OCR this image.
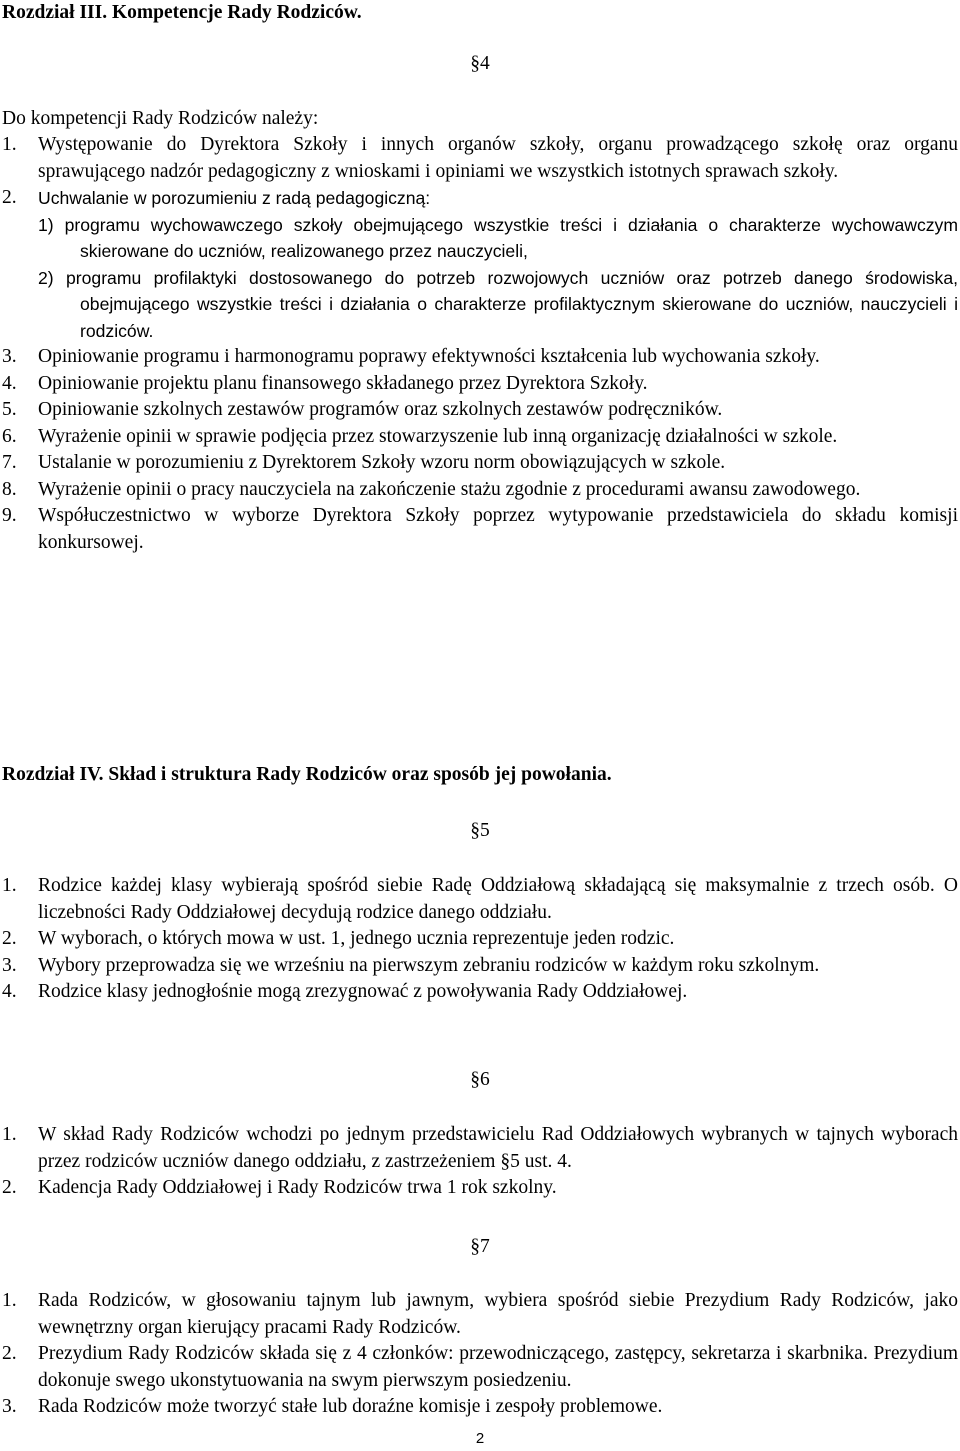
Rozdział III. Kompetencje Rady Rodziców.
§4
Do kompetencji Rady Rodziców należy:
1. Występowanie do Dyrektora Szkoły i innych organów szkoły, organu prowadzącego szkołę oraz organu sprawującego nadzór pedagogiczny z wnioskami i opiniami we wszystkich istotnych sprawach szkoły.
2. Uchwalanie w porozumieniu z radą pedagogiczną:
1) programu wychowawczego szkoły obejmującego wszystkie treści i działania o charakterze wychowawczym skierowane do uczniów, realizowanego przez nauczycieli,
2) programu profilaktyki dostosowanego do potrzeb rozwojowych uczniów oraz potrzeb danego środowiska, obejmującego wszystkie treści i działania o charakterze profilaktycznym skierowane do uczniów, nauczycieli i rodziców.
3. Opiniowanie programu i harmonogramu poprawy efektywności kształcenia lub wychowania szkoły.
4. Opiniowanie projektu planu finansowego składanego przez Dyrektora Szkoły.
5. Opiniowanie szkolnych zestawów programów oraz szkolnych zestawów podręczników.
6. Wyrażenie opinii w sprawie podjęcia przez stowarzyszenie lub inną organizację działalności w szkole.
7. Ustalanie w porozumieniu z Dyrektorem Szkoły wzoru norm obowiązujących w szkole.
8. Wyrażenie opinii o pracy nauczyciela na zakończenie stażu zgodnie z procedurami awansu zawodowego.
9. Współuczestnictwo w wyborze Dyrektora Szkoły poprzez wytypowanie przedstawiciela do składu komisji konkursowej.
Rozdział IV. Skład i struktura Rady Rodziców oraz sposób jej powołania.
§5
1. Rodzice każdej klasy wybierają spośród siebie Radę Oddziałową składającą się maksymalnie z trzech osób. O liczebności Rady Oddziałowej decydują rodzice danego oddziału.
2. W wyborach, o których mowa w ust. 1, jednego ucznia reprezentuje jeden rodzic.
3. Wybory przeprowadza się we wrześniu na pierwszym zebraniu rodziców w każdym roku szkolnym.
4. Rodzice klasy jednogłośnie mogą zrezygnować z powoływania Rady Oddziałowej.
§6
1. W skład Rady Rodziców wchodzi po jednym przedstawicielu Rad Oddziałowych wybranych w tajnych wyborach przez rodziców uczniów danego oddziału, z zastrzeżeniem §5 ust. 4.
2. Kadencja Rady Oddziałowej i Rady Rodziców trwa 1 rok szkolny.
§7
1. Rada Rodziców, w głosowaniu tajnym lub jawnym, wybiera spośród siebie Prezydium Rady Rodziców, jako wewnętrzny organ kierujący pracami Rady Rodziców.
2. Prezydium Rady Rodziców składa się z 4 członków: przewodniczącego, zastępcy, sekretarza i skarbnika. Prezydium dokonuje swego ukonstytuowania na swym pierwszym posiedzeniu.
3. Rada Rodziców może tworzyć stałe lub doraźne komisje i zespoły problemowe.
2
